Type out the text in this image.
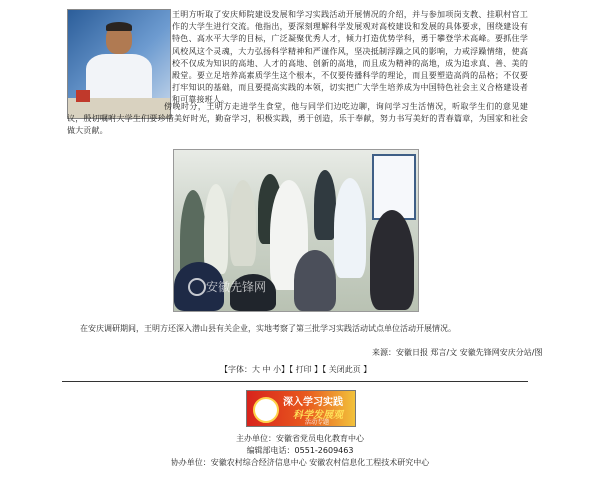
王明方听取了安庆师院建设发展和学习实践活动开展情况的介绍，并与参加项岗支教、挂职村官工作的大学生进行交流。他指出，要深刻理解科学发展观对高校建设和发展的具体要求，围绕建设有特色、高水平大学的目标，广泛凝聚优秀人才，倾力打造优势学科，勇于攀登学术高峰。要抓住学风校风这个灵魂，大力弘扬科学精神和严谨作风，坚决抵制浮躁之风的影响，力戒浮躁情绪，使高校不仅成为知识的高地、人才的高地、创新的高地，而且成为精神的高地，成为追求真、善、美的殿堂。要立足培养高素质学生这个根本，不仅要传播科学的理论，而且要塑造高尚的品格；不仅要打牢知识的基础，而且要提高实践的本领，切实把广大学生培养成为中国特色社会主义合格建设者和可靠接班人。

傍晚时分，王明方走进学生食堂，他与同学们边吃边聊，询问学习生活情况，听取学生们的意见建议，殷切嘱咐大学生们要珍惜美好时光，勤奋学习，积极实践，勇于创造，乐于奉献，努力书写美好的青春篇章，为国家和社会做大贡献。

安徽先锋网

在安庆调研期间，王明方还深入潜山县有关企业，实地考察了第三批学习实践活动试点单位活动开展情况。

来源：安徽日报 郑言/文 安徽先锋网安庆分站/图

【字体：大 中 小】【 打印 】【 关闭此页 】
深入学习实践
科学发展观
活动专题

主办单位：安徽省党员电化教育中心

编辑部电话：0551-2609463

协办单位：安徽农村综合经济信息中心 安徽农村信息化工程技术研究中心
